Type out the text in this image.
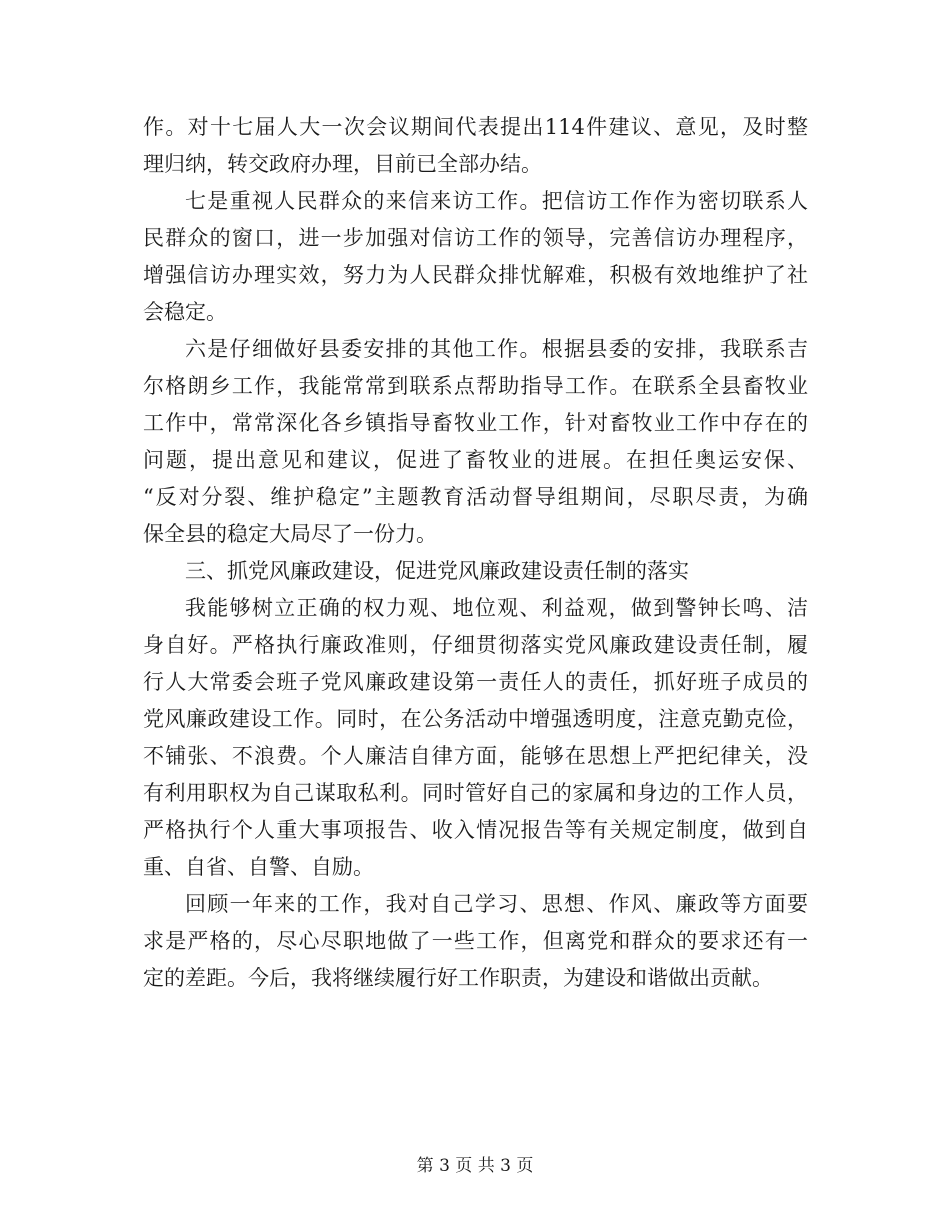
作。对十七届人大一次会议期间代表提出114件建议、意见，及时整
理归纳，转交政府办理，目前已全部办结。
七是重视人民群众的来信来访工作。把信访工作作为密切联系人
民群众的窗口，进一步加强对信访工作的领导，完善信访办理程序，
增强信访办理实效，努力为人民群众排忧解难，积极有效地维护了社
会稳定。
六是仔细做好县委安排的其他工作。根据县委的安排，我联系吉
尔格朗乡工作，我能常常到联系点帮助指导工作。在联系全县畜牧业
工作中，常常深化各乡镇指导畜牧业工作，针对畜牧业工作中存在的
问题，提出意见和建议，促进了畜牧业的进展。在担任奥运安保、
“反对分裂、维护稳定”主题教育活动督导组期间，尽职尽责，为确
保全县的稳定大局尽了一份力。
三、抓党风廉政建设，促进党风廉政建设责任制的落实
我能够树立正确的权力观、地位观、利益观，做到警钟长鸣、洁
身自好。严格执行廉政准则，仔细贯彻落实党风廉政建设责任制，履
行人大常委会班子党风廉政建设第一责任人的责任，抓好班子成员的
党风廉政建设工作。同时，在公务活动中增强透明度，注意克勤克俭，
不铺张、不浪费。个人廉洁自律方面，能够在思想上严把纪律关，没
有利用职权为自己谋取私利。同时管好自己的家属和身边的工作人员，
严格执行个人重大事项报告、收入情况报告等有关规定制度，做到自
重、自省、自警、自励。
回顾一年来的工作，我对自己学习、思想、作风、廉政等方面要
求是严格的，尽心尽职地做了一些工作，但离党和群众的要求还有一
定的差距。今后，我将继续履行好工作职责，为建设和谐做出贡献。
第 3 页 共 3 页
